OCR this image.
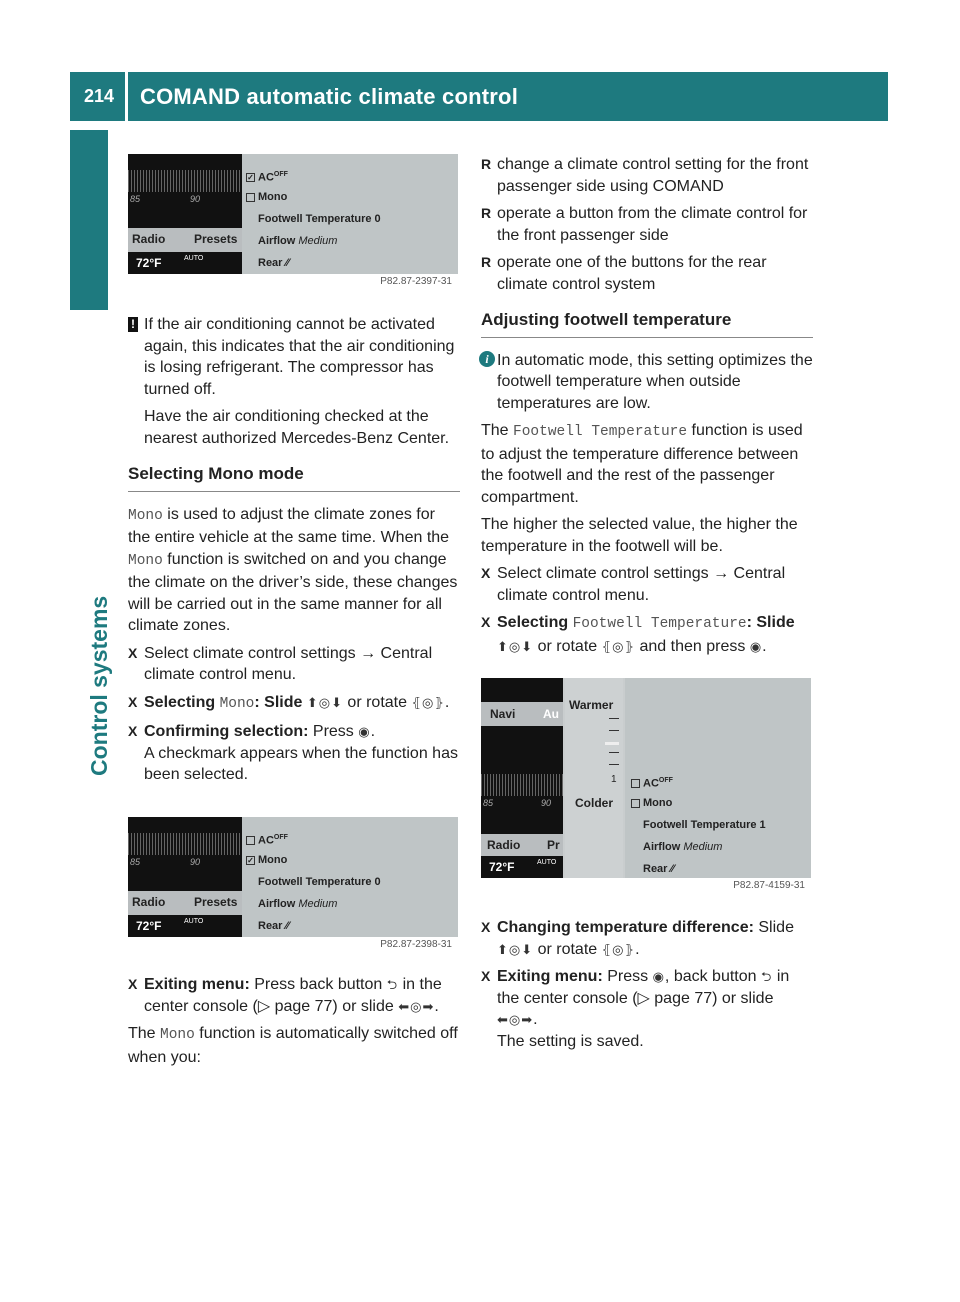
214 COMAND automatic climate control
Control systems
85	90
Radio Presets
72°F	AUTO
✓ $AC^{OFF}$
Mono
Footwell Temperature 0
Airflow Medium
Rear ⁄⁄
P82.87-2397-31
! If the air conditioning cannot be activated again, this indicates that the air conditioning is losing refrigerant. The compressor has turned off.

Have the air conditioning checked at the nearest authorized Mercedes-Benz Center.

Selecting Mono mode

Mono is used to adjust the climate zones for the entire vehicle at the same time. When the Mono function is switched on and you change the climate on the driver’s side, these changes will be carried out in the same manner for all climate zones.

X Select climate control settings → Central climate control menu.
X Selecting Mono: Slide ⬆◎⬇ or rotate ⦃◎⦄.
X Confirming selection: Press ◉.
A checkmark appears when the function has been selected.
85	90
Radio Presets
72°F	AUTO
$AC^{OFF}$
✓ Mono
Footwell Temperature 0
Airflow Medium
Rear ⁄⁄
P82.87-2398-31
X Exiting menu: Press back button ⮌ in the center console (▷ page 77) or slide ⬅◎➡.

The Mono function is automatically switched off when you:

R change a climate control setting for the front passenger side using COMAND
R operate a button from the climate control for the front passenger side
R operate one of the buttons for the rear climate control system
Adjusting footwell temperature
i In automatic mode, this setting optimizes the footwell temperature when outside temperatures are low.

The Footwell Temperature function is used to adjust the temperature difference between the footwell and the rest of the passenger compartment.

The higher the selected value, the higher the temperature in the footwell will be.

X Select climate control settings → Central climate control menu.
X Selecting Footwell Temperature: Slide ⬆◎⬇ or rotate ⦃◎⦄ and then press ◉.
Navi Au
85	90
Radio Pr
72°F	AUTO
Warmer
1
Colder
$AC^{OFF}$
Mono
Footwell Temperature 1
Airflow Medium
Rear ⁄⁄
P82.87-4159-31
X Changing temperature difference: Slide ⬆◎⬇ or rotate ⦃◎⦄.
X Exiting menu: Press ◉, back button ⮌ in the center console (▷ page 77) or slide ⬅◎➡.
The setting is saved.
